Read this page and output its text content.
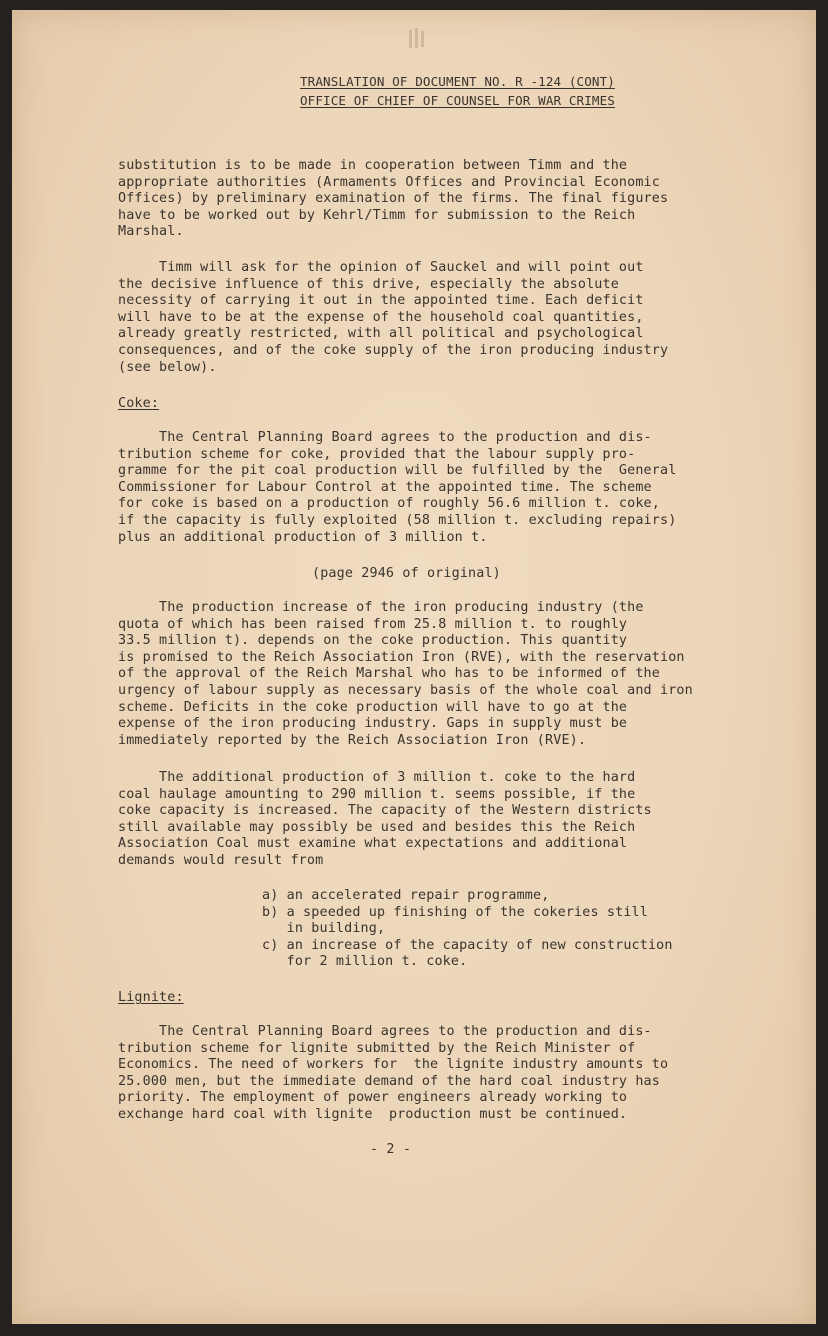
TRANSLATION OF DOCUMENT NO. R -124 (CONT)
OFFICE OF CHIEF OF COUNSEL FOR WAR CRIMES
substitution is to be made in cooperation between Timm and the
appropriate authorities (Armaments Offices and Provincial Economic
Offices) by preliminary examination of the firms. The final figures
have to be worked out by Kehrl/Timm for submission to the Reich
Marshal.
Timm will ask for the opinion of Sauckel and will point out
the decisive influence of this drive, especially the absolute
necessity of carrying it out in the appointed time. Each deficit
will have to be at the expense of the household coal quantities,
already greatly restricted, with all political and psychological
consequences, and of the coke supply of the iron producing industry
(see below).
Coke:
The Central Planning Board agrees to the production and dis-
tribution scheme for coke, provided that the labour supply pro-
gramme for the pit coal production will be fulfilled by the  General
Commissioner for Labour Control at the appointed time. The scheme
for coke is based on a production of roughly 56.6 million t. coke,
if the capacity is fully exploited (58 million t. excluding repairs)
plus an additional production of 3 million t.
(page 2946 of original)
The production increase of the iron producing industry (the
quota of which has been raised from 25.8 million t. to roughly
33.5 million t). depends on the coke production. This quantity
is promised to the Reich Association Iron (RVE), with the reservation
of the approval of the Reich Marshal who has to be informed of the
urgency of labour supply as necessary basis of the whole coal and iron
scheme. Deficits in the coke production will have to go at the
expense of the iron producing industry. Gaps in supply must be
immediately reported by the Reich Association Iron (RVE).
The additional production of 3 million t. coke to the hard
coal haulage amounting to 290 million t. seems possible, if the
coke capacity is increased. The capacity of the Western districts
still available may possibly be used and besides this the Reich
Association Coal must examine what expectations and additional
demands would result from
a) an accelerated repair programme,
b) a speeded up finishing of the cokeries still
in building,
c) an increase of the capacity of new construction
for 2 million t. coke.
Lignite:
The Central Planning Board agrees to the production and dis-
tribution scheme for lignite submitted by the Reich Minister of
Economics. The need of workers for  the lignite industry amounts to
25.000 men, but the immediate demand of the hard coal industry has
priority. The employment of power engineers already working to
exchange hard coal with lignite  production must be continued.
- 2 -
